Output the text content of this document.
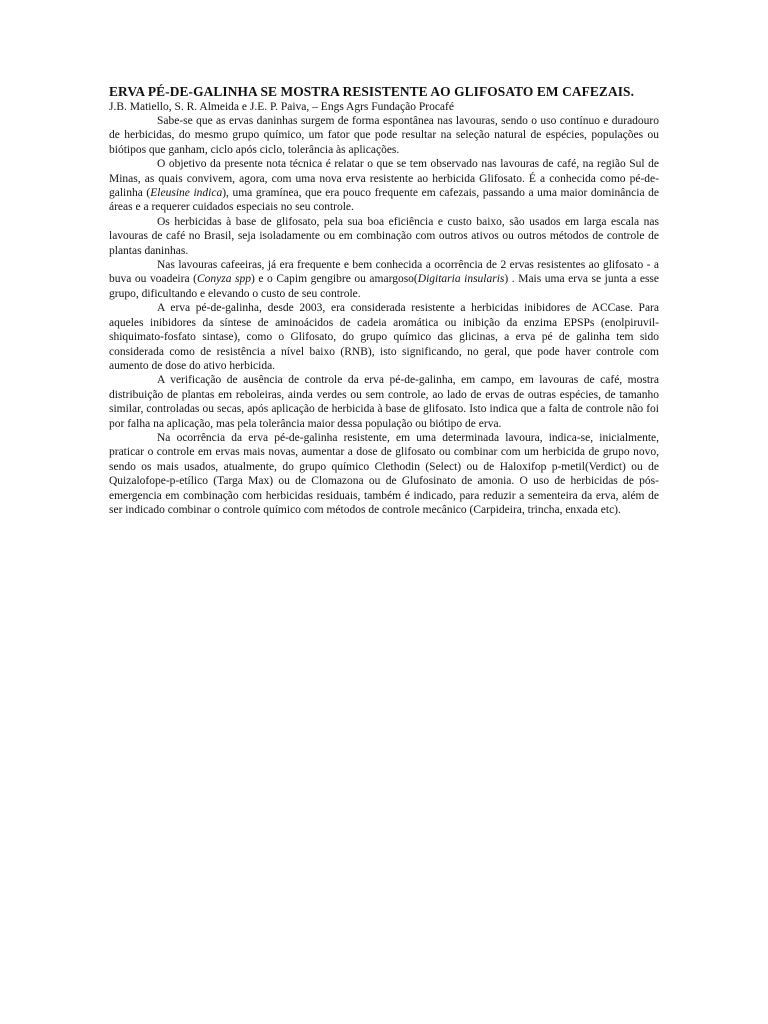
ERVA PÉ-DE-GALINHA SE MOSTRA RESISTENTE AO GLIFOSATO EM CAFEZAIS.

J.B. Matiello, S. R. Almeida e J.E. P. Paiva, – Engs Agrs Fundação Procafé

Sabe-se que as ervas daninhas surgem de forma espontânea nas lavouras, sendo o uso contínuo e duradouro de herbicidas, do mesmo grupo químico, um fator que pode resultar na seleção natural de espécies, populações ou biótipos que ganham, ciclo após ciclo, tolerância às aplicações.

O objetivo da presente nota técnica é relatar o que se tem observado nas lavouras de café, na região Sul de Minas, as quais convivem, agora, com uma nova erva resistente ao herbicida Glifosato. É a conhecida como pé-de-galinha (Eleusine indica), uma gramínea, que era pouco frequente em cafezais, passando a uma maior dominância de áreas e a requerer cuidados especiais no seu controle.

Os herbicidas à base de glifosato, pela sua boa eficiência e custo baixo, são usados em larga escala nas lavouras de café no Brasil, seja isoladamente ou em combinação com outros ativos ou outros métodos de controle de plantas daninhas.

Nas lavouras cafeeiras, já era frequente e bem conhecida a ocorrência de 2 ervas resistentes ao glifosato - a buva ou voadeira (Conyza spp) e o Capim gengibre ou amargoso(Digitaria insularis) . Mais uma erva se junta a esse grupo, dificultando e elevando o custo de seu controle.

A erva pé-de-galinha, desde 2003, era considerada resistente a herbicidas inibidores de ACCase. Para aqueles inibidores da síntese de aminoácidos de cadeia aromática ou inibição da enzima EPSPs (enolpiruvil-shiquimato-fosfato sintase), como o Glifosato, do grupo químico das glicinas, a erva pé de galinha tem sido considerada como de resistência a nível baixo (RNB), isto significando, no geral, que pode haver controle com aumento de dose do ativo herbicida.

A verificação de ausência de controle da erva pé-de-galinha, em campo, em lavouras de café, mostra distribuição de plantas em reboleiras, ainda verdes ou sem controle, ao lado de ervas de outras espécies, de tamanho similar, controladas ou secas, após aplicação de herbicida à base de glifosato. Isto indica que a falta de controle não foi por falha na aplicação, mas pela tolerância maior dessa população ou biótipo de erva.

Na ocorrência da erva pé-de-galinha resistente, em uma determinada lavoura, indica-se, inicialmente, praticar o controle em ervas mais novas, aumentar a dose de glifosato ou combinar com um herbicida de grupo novo, sendo os mais usados, atualmente, do grupo químico Clethodin (Select) ou de Haloxifop p-metil(Verdict) ou de Quizalofope-p-etílico (Targa Max) ou de Clomazona ou de Glufosinato de amonia. O uso de herbicidas de pós-emergencia em combinação com herbicidas residuais, também é indicado, para reduzir a sementeira da erva, além de ser indicado combinar o controle químico com métodos de controle mecânico (Carpideira, trincha, enxada etc).
